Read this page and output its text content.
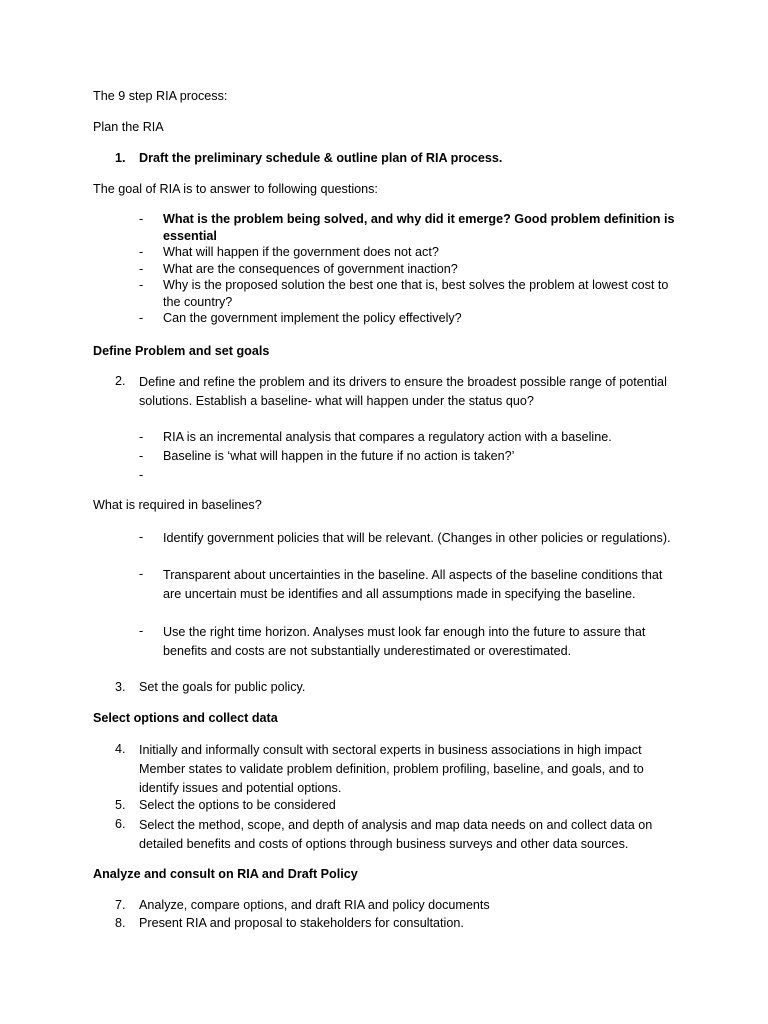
The 9 step RIA process:

Plan the RIA

1. Draft the preliminary schedule & outline plan of RIA process.

The goal of RIA is to answer to following questions:

- What is the problem being solved, and why did it emerge? Good problem definition is essential

- What will happen if the government does not act?

- What are the consequences of government inaction?

- Why is the proposed solution the best one that is, best solves the problem at lowest cost to the country?

- Can the government implement the policy effectively?

Define Problem and set goals

2. Define and refine the problem and its drivers to ensure the broadest possible range of potential solutions. Establish a baseline- what will happen under the status quo?

- RIA is an incremental analysis that compares a regulatory action with a baseline.

- Baseline is ‘what will happen in the future if no action is taken?’

-

What is required in baselines?

- Identify government policies that will be relevant. (Changes in other policies or regulations).

- Transparent about uncertainties in the baseline. All aspects of the baseline conditions that are uncertain must be identifies and all assumptions made in specifying the baseline.

- Use the right time horizon. Analyses must look far enough into the future to assure that benefits and costs are not substantially underestimated or overestimated.

3. Set the goals for public policy.

Select options and collect data

4. Initially and informally consult with sectoral experts in business associations in high impact Member states to validate problem definition, problem profiling, baseline, and goals, and to identify issues and potential options.

5. Select the options to be considered

6. Select the method, scope, and depth of analysis and map data needs on and collect data on detailed benefits and costs of options through business surveys and other data sources.

Analyze and consult on RIA and Draft Policy

7. Analyze, compare options, and draft RIA and policy documents

8. Present RIA and proposal to stakeholders for consultation.
